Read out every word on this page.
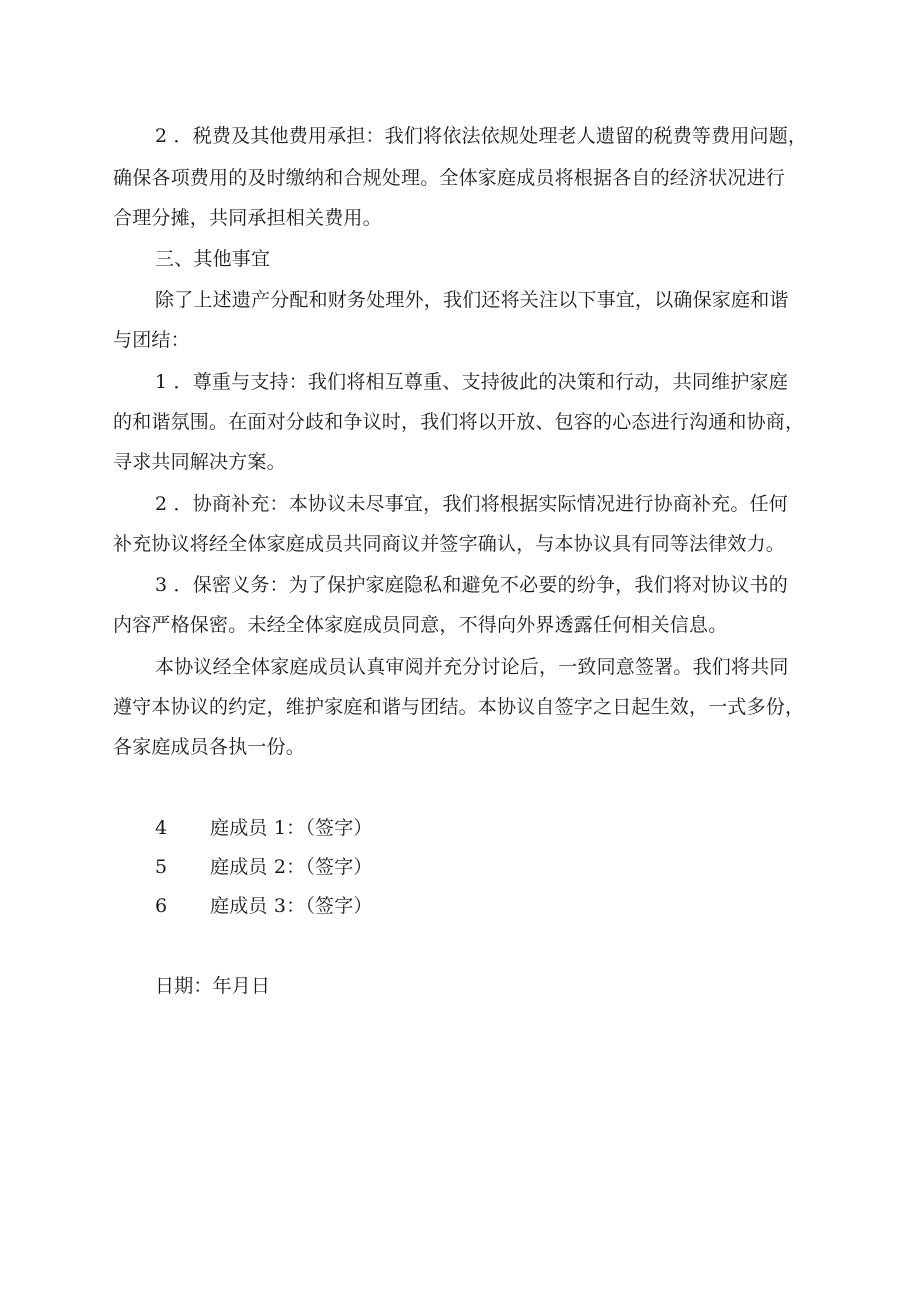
2 ．税费及其他费用承担：我们将依法依规处理老人遗留的税费等费用问题，
确保各项费用的及时缴纳和合规处理。全体家庭成员将根据各自的经济状况进行
合理分摊，共同承担相关费用。
三、其他事宜
除了上述遗产分配和财务处理外，我们还将关注以下事宜，以确保家庭和谐
与团结：
1 ．尊重与支持：我们将相互尊重、支持彼此的决策和行动，共同维护家庭
的和谐氛围。在面对分歧和争议时，我们将以开放、包容的心态进行沟通和协商，
寻求共同解决方案。
2 ．协商补充：本协议未尽事宜，我们将根据实际情况进行协商补充。任何
补充协议将经全体家庭成员共同商议并签字确认，与本协议具有同等法律效力。
3 ．保密义务：为了保护家庭隐私和避免不必要的纷争，我们将对协议书的
内容严格保密。未经全体家庭成员同意，不得向外界透露任何相关信息。
本协议经全体家庭成员认真审阅并充分讨论后，一致同意签署。我们将共同
遵守本协议的约定，维护家庭和谐与团结。本协议自签字之日起生效，一式多份，
各家庭成员各执一份。
4 庭成员 1：（签字）
5 庭成员 2：（签字）
6 庭成员 3：（签字）
日期：年月日
